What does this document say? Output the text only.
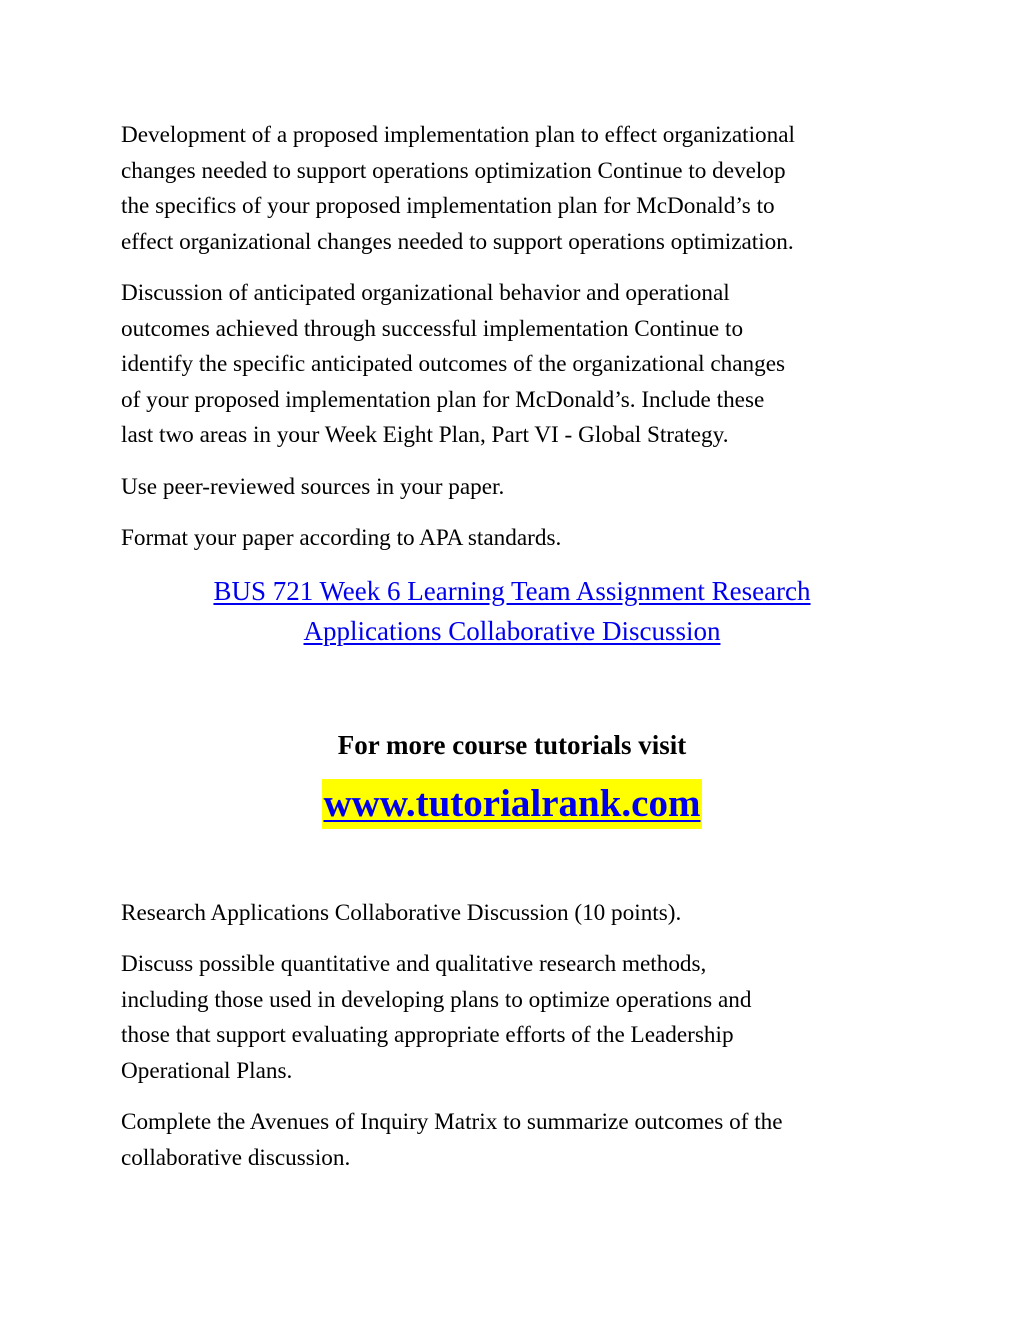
Development of a proposed implementation plan to effect organizational
changes needed to support operations optimization Continue to develop
the specifics of your proposed implementation plan for McDonald’s to
effect organizational changes needed to support operations optimization.

Discussion of anticipated organizational behavior and operational
outcomes achieved through successful implementation Continue to
identify the specific anticipated outcomes of the organizational changes
of your proposed implementation plan for McDonald’s. Include these
last two areas in your Week Eight Plan, Part VI - Global Strategy.

Use peer-reviewed sources in your paper.

Format your paper according to APA standards.

BUS 721 Week 6 Learning Team Assignment Research
Applications Collaborative Discussion
For more course tutorials visit
www.tutorialrank.com

Research Applications Collaborative Discussion (10 points).

Discuss possible quantitative and qualitative research methods,
including those used in developing plans to optimize operations and
those that support evaluating appropriate efforts of the Leadership
Operational Plans.

Complete the Avenues of Inquiry Matrix to summarize outcomes of the
collaborative discussion.
